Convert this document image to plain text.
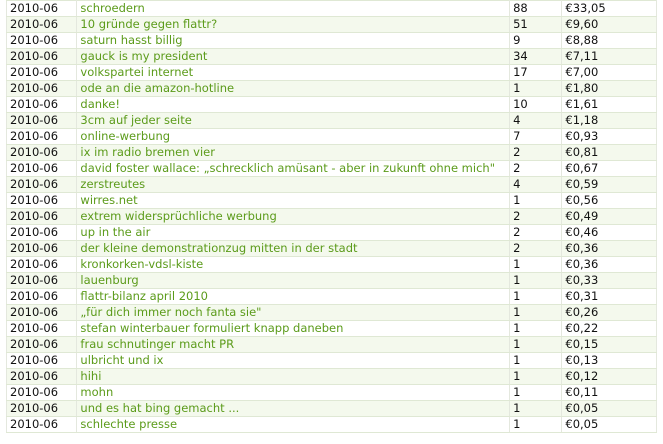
2010-06	schroedern	88	€33,05
2010-06	10 gründe gegen flattr?	51	€9,60
2010-06	saturn hasst billig	9	€8,88
2010-06	gauck is my president	34	€7,11
2010-06	volkspartei internet	17	€7,00
2010-06	ode an die amazon-hotline	1	€1,80
2010-06	danke!	10	€1,61
2010-06	3cm auf jeder seite	4	€1,18
2010-06	online-werbung	7	€0,93
2010-06	ix im radio bremen vier	2	€0,81
2010-06	david foster wallace: „schrecklich amüsant - aber in zukunft ohne mich"	2	€0,67
2010-06	zerstreutes	4	€0,59
2010-06	wirres.net	1	€0,56
2010-06	extrem widersprüchliche werbung	2	€0,49
2010-06	up in the air	2	€0,46
2010-06	der kleine demonstrationzug mitten in der stadt	2	€0,36
2010-06	kronkorken-vdsl-kiste	1	€0,36
2010-06	lauenburg	1	€0,33
2010-06	flattr-bilanz april 2010	1	€0,31
2010-06	„für dich immer noch fanta sie"	1	€0,26
2010-06	stefan winterbauer formuliert knapp daneben	1	€0,22
2010-06	frau schnutinger macht PR	1	€0,15
2010-06	ulbricht und ix	1	€0,13
2010-06	hihi	1	€0,12
2010-06	mohn	1	€0,11
2010-06	und es hat bing gemacht ...	1	€0,05
2010-06	schlechte presse	1	€0,05
